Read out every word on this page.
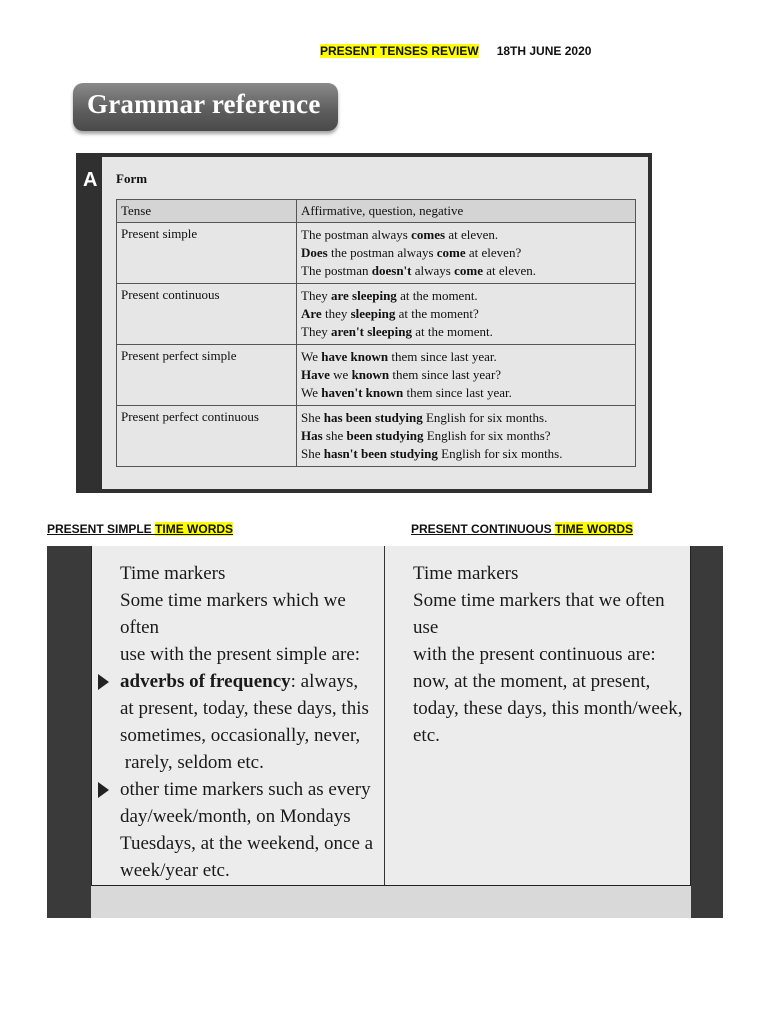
PRESENT TENSES REVIEW 18TH JUNE 2020
Grammar reference
A Form
Tense	Affirmative, question, negative
Present simple	The postman always comes at eleven.
Does the postman always come at eleven?
The postman doesn't always come at eleven.

Present continuous	They are sleeping at the moment.
Are they sleeping at the moment?
They aren't sleeping at the moment.

Present perfect simple	We have known them since last year.
Have we known them since last year?
We haven't known them since last year.

Present perfect continuous	She has been studying English for six months.
Has she been studying English for six months?
She hasn't been studying English for six months.
PRESENT SIMPLE TIME WORDS	PRESENT CONTINUOUS TIME WORDS
Time markers
Some time markers which we often
use with the present simple are:
adverbs of frequency: always,
at present, today, these days, this
sometimes, occasionally, never,
rarely, seldom etc.
other time markers such as every
day/week/month, on Mondays
Tuesdays, at the weekend, once a
week/year etc.
Time markers
Some time markers that we often use
with the present continuous are:
now, at the moment, at present,
today, these days, this month/week,
etc.
